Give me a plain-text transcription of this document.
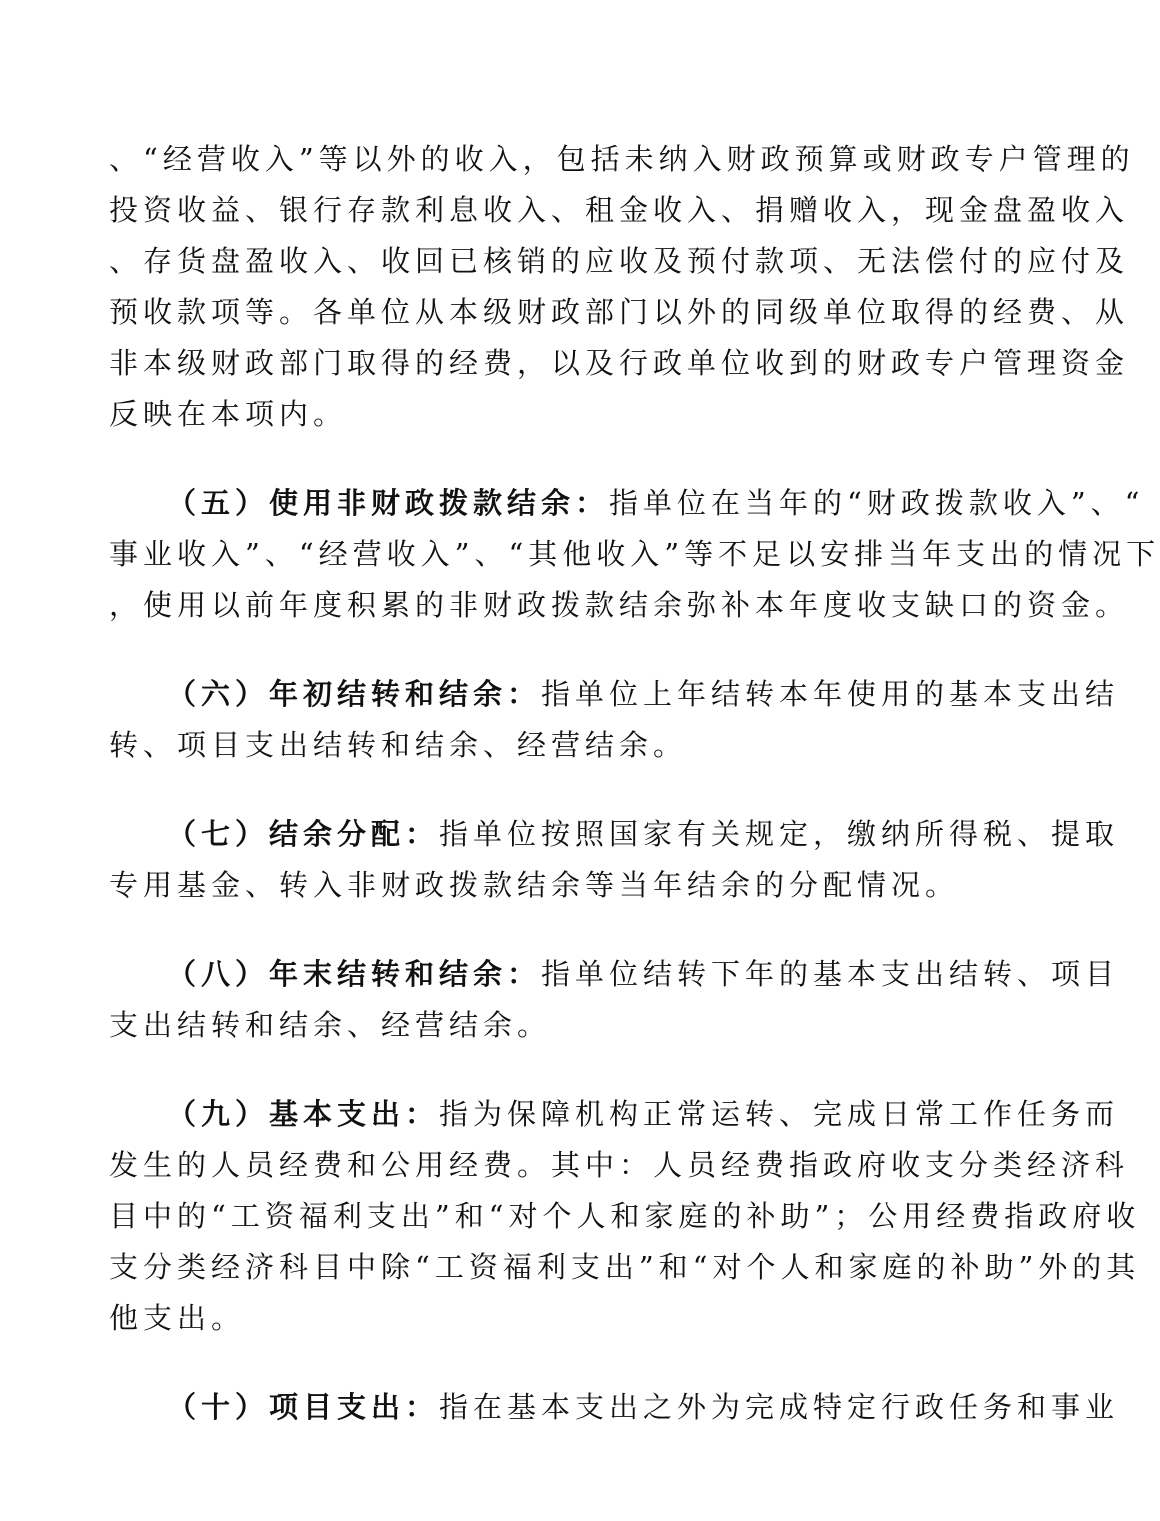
、“经营收入”等以外的收入，包括未纳入财政预算或财政专户管理的
投资收益、银行存款利息收入、租金收入、捐赠收入，现金盘盈收入
、存货盘盈收入、收回已核销的应收及预付款项、无法偿付的应付及
预收款项等。各单位从本级财政部门以外的同级单位取得的经费、从
非本级财政部门取得的经费，以及行政单位收到的财政专户管理资金
反映在本项内。
（五）使用非财政拨款结余：指单位在当年的“财政拨款收入”、“
事业收入”、“经营收入”、“其他收入”等不足以安排当年支出的情况下
，使用以前年度积累的非财政拨款结余弥补本年度收支缺口的资金。
（六）年初结转和结余：指单位上年结转本年使用的基本支出结
转、项目支出结转和结余、经营结余。
（七）结余分配：指单位按照国家有关规定，缴纳所得税、提取
专用基金、转入非财政拨款结余等当年结余的分配情况。
（八）年末结转和结余：指单位结转下年的基本支出结转、项目
支出结转和结余、经营结余。
（九）基本支出：指为保障机构正常运转、完成日常工作任务而
发生的人员经费和公用经费。其中：人员经费指政府收支分类经济科
目中的“工资福利支出”和“对个人和家庭的补助”；公用经费指政府收
支分类经济科目中除“工资福利支出”和“对个人和家庭的补助”外的其
他支出。
（十）项目支出：指在基本支出之外为完成特定行政任务和事业
